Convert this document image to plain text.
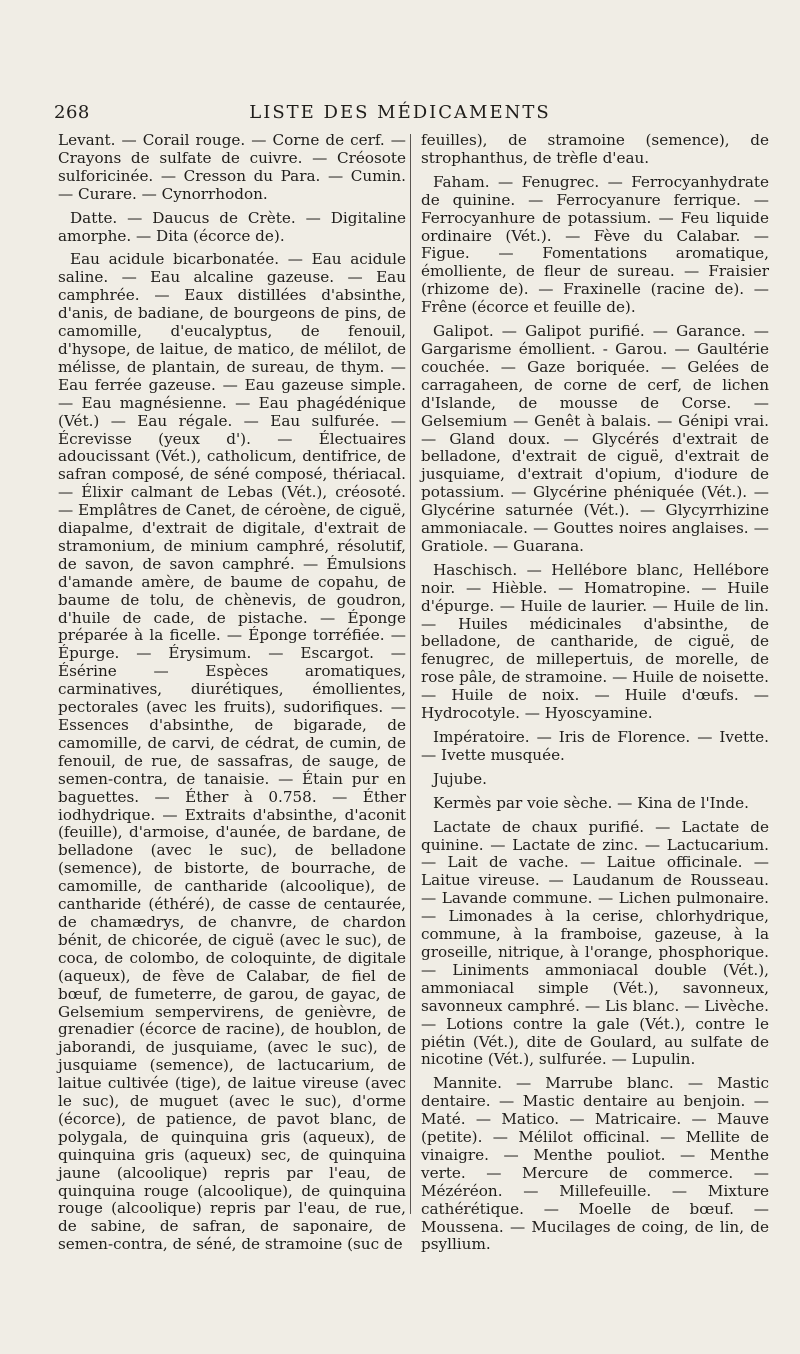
268	LISTE DES MÉDICAMENTS

Levant. — Corail rouge. — Corne de cerf. — Crayons de sulfate de cuivre. — Créosote sulforicinée. — Cresson du Para. — Cumin. — Curare. — Cynorrhodon.

Datte. — Daucus de Crète. — Digitaline amorphe. — Dita (écorce de).

Eau acidule bicarbonatée. — Eau acidule saline. — Eau alcaline gazeuse. — Eau camphrée. — Eaux distillées d'absinthe, d'anis, de badiane, de bourgeons de pins, de camomille, d'eucalyptus, de fenouil, d'hysope, de laitue, de matico, de mélilot, de mélisse, de plantain, de sureau, de thym. — Eau ferrée gazeuse. — Eau gazeuse simple. — Eau magnésienne. — Eau phagédénique (Vét.) — Eau régale. — Eau sulfurée. — Écrevisse (yeux d'). — Électuaires adoucissant (Vét.), catholicum, dentifrice, de safran composé, de séné composé, thériacal. — Élixir calmant de Lebas (Vét.), créosoté. — Emplâtres de Canet, de céroène, de ciguë, diapalme, d'extrait de digitale, d'extrait de stramonium, de minium camphré, résolutif, de savon, de savon camphré. — Émulsions d'amande amère, de baume de copahu, de baume de tolu, de chènevis, de goudron, d'huile de cade, de pistache. — Éponge préparée à la ficelle. — Éponge torréfiée. — Épurge. — Érysimum. — Escargot. — Ésérine — Espèces aromatiques, carminatives, diurétiques, émollientes, pectorales (avec les fruits), sudorifiques. — Essences d'absinthe, de bigarade, de camomille, de carvi, de cédrat, de cumin, de fenouil, de rue, de sassafras, de sauge, de semen-contra, de tanaisie. — Étain pur en baguettes. — Éther à 0.758. — Éther iodhydrique. — Extraits d'absinthe, d'aconit (feuille), d'armoise, d'aunée, de bardane, de belladone (avec le suc), de belladone (semence), de bistorte, de bourrache, de camomille, de cantharide (alcoolique), de cantharide (éthéré), de casse de centaurée, de chamædrys, de chanvre, de chardon bénit, de chicorée, de ciguë (avec le suc), de coca, de colombo, de coloquinte, de digitale (aqueux), de fève de Calabar, de fiel de bœuf, de fumeterre, de garou, de gayac, de Gelsemium sempervirens, de genièvre, de grenadier (écorce de racine), de houblon, de jaborandi, de jusquiame, (avec le suc), de jusquiame (semence), de lactucarium, de laitue cultivée (tige), de laitue vireuse (avec le suc), de muguet (avec le suc), d'orme (écorce), de patience, de pavot blanc, de polygala, de quinquina gris (aqueux), de quinquina gris (aqueux) sec, de quinquina jaune (alcoolique) repris par l'eau, de quinquina rouge (alcoolique), de quinquina rouge (alcoolique) repris par l'eau, de rue, de sabine, de safran, de saponaire, de semen-contra, de séné, de stramoine (suc de

feuilles), de stramoine (semence), de strophanthus, de trèfle d'eau.

Faham. — Fenugrec. — Ferrocyanhydrate de quinine. — Ferrocyanure ferrique. — Ferrocyanhure de potassium. — Feu liquide ordinaire (Vét.). — Fève du Calabar. — Figue. — Fomentations aromatique, émolliente, de fleur de sureau. — Fraisier (rhizome de). — Fraxinelle (racine de). — Frêne (écorce et feuille de).

Galipot. — Galipot purifié. — Garance. — Gargarisme émollient. - Garou. — Gaultérie couchée. — Gaze boriquée. — Gelées de carragaheen, de corne de cerf, de lichen d'Islande, de mousse de Corse. — Gelsemium — Genêt à balais. — Génipi vrai. — Gland doux. — Glycérés d'extrait de belladone, d'extrait de ciguë, d'extrait de jusquiame, d'extrait d'opium, d'iodure de potassium. — Glycérine phéniquée (Vét.). — Glycérine saturnée (Vét.). — Glycyrrhizine ammoniacale. — Gouttes noires anglaises. — Gratiole. — Guarana.

Haschisch. — Hellébore blanc, Hellébore noir. — Hièble. — Homatropine. — Huile d'épurge. — Huile de laurier. — Huile de lin. — Huiles médicinales d'absinthe, de belladone, de cantharide, de ciguë, de fenugrec, de millepertuis, de morelle, de rose pâle, de stramoine. — Huile de noisette. — Huile de noix. — Huile d'œufs. — Hydrocotyle. — Hyoscyamine.

Impératoire. — Iris de Florence. — Ivette. — Ivette musquée.

Jujube.

Kermès par voie sèche. — Kina de l'Inde.

Lactate de chaux purifié. — Lactate de quinine. — Lactate de zinc. — Lactucarium. — Lait de vache. — Laitue officinale. — Laitue vireuse. — Laudanum de Rousseau. — Lavande commune. — Lichen pulmonaire. — Limonades à la cerise, chlorhydrique, commune, à la framboise, gazeuse, à la groseille, nitrique, à l'orange, phosphorique. — Liniments ammoniacal double (Vét.), ammoniacal simple (Vét.), savonneux, savonneux camphré. — Lis blanc. — Livèche. — Lotions contre la gale (Vét.), contre le piétin (Vét.), dite de Goulard, au sulfate de nicotine (Vét.), sulfurée. — Lupulin.

Mannite. — Marrube blanc. — Mastic dentaire. — Mastic dentaire au benjoin. — Maté. — Matico. — Matricaire. — Mauve (petite). — Mélilot officinal. — Mellite de vinaigre. — Menthe pouliot. — Menthe verte. — Mercure de commerce. — Mézéréon. — Millefeuille. — Mixture cathérétique. — Moelle de bœuf. — Moussena. — Mucilages de coing, de lin, de psyllium.
